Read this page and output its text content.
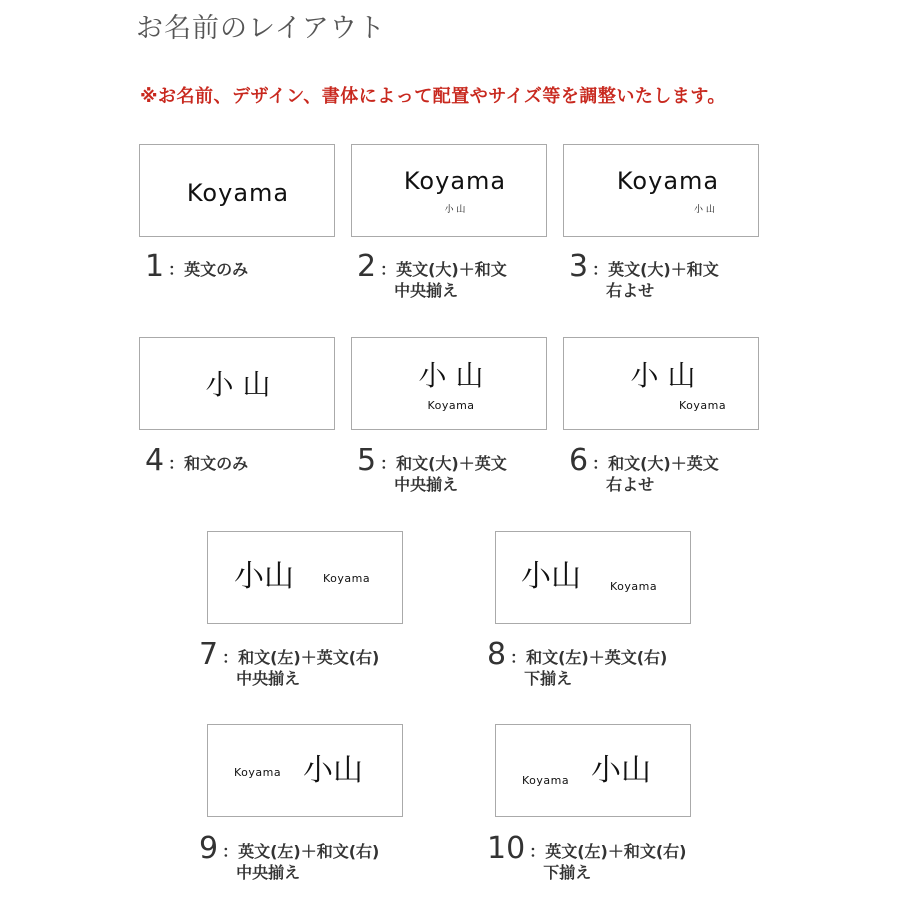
お名前のレイアウト
※お名前、デザイン、書体によって配置やサイズ等を調整いたします。
Koyama
1 ：英文のみ
Koyama
小 山
2 ：英文(大)＋和文
中央揃え
Koyama
小 山
3 ：英文(大)＋和文
右よせ
小 山
4 ：和文のみ
小 山
Koyama
5 ：和文(大)＋英文
中央揃え
小 山
Koyama
6 ：和文(大)＋英文
右よせ
小山	Koyama
7 ：和文(左)＋英文(右)
中央揃え
小山	Koyama
8 ：和文(左)＋英文(右)
下揃え
Koyama 小山
9 ：英文(左)＋和文(右)
中央揃え
Koyama 小山
10 ：英文(左)＋和文(右)
下揃え
